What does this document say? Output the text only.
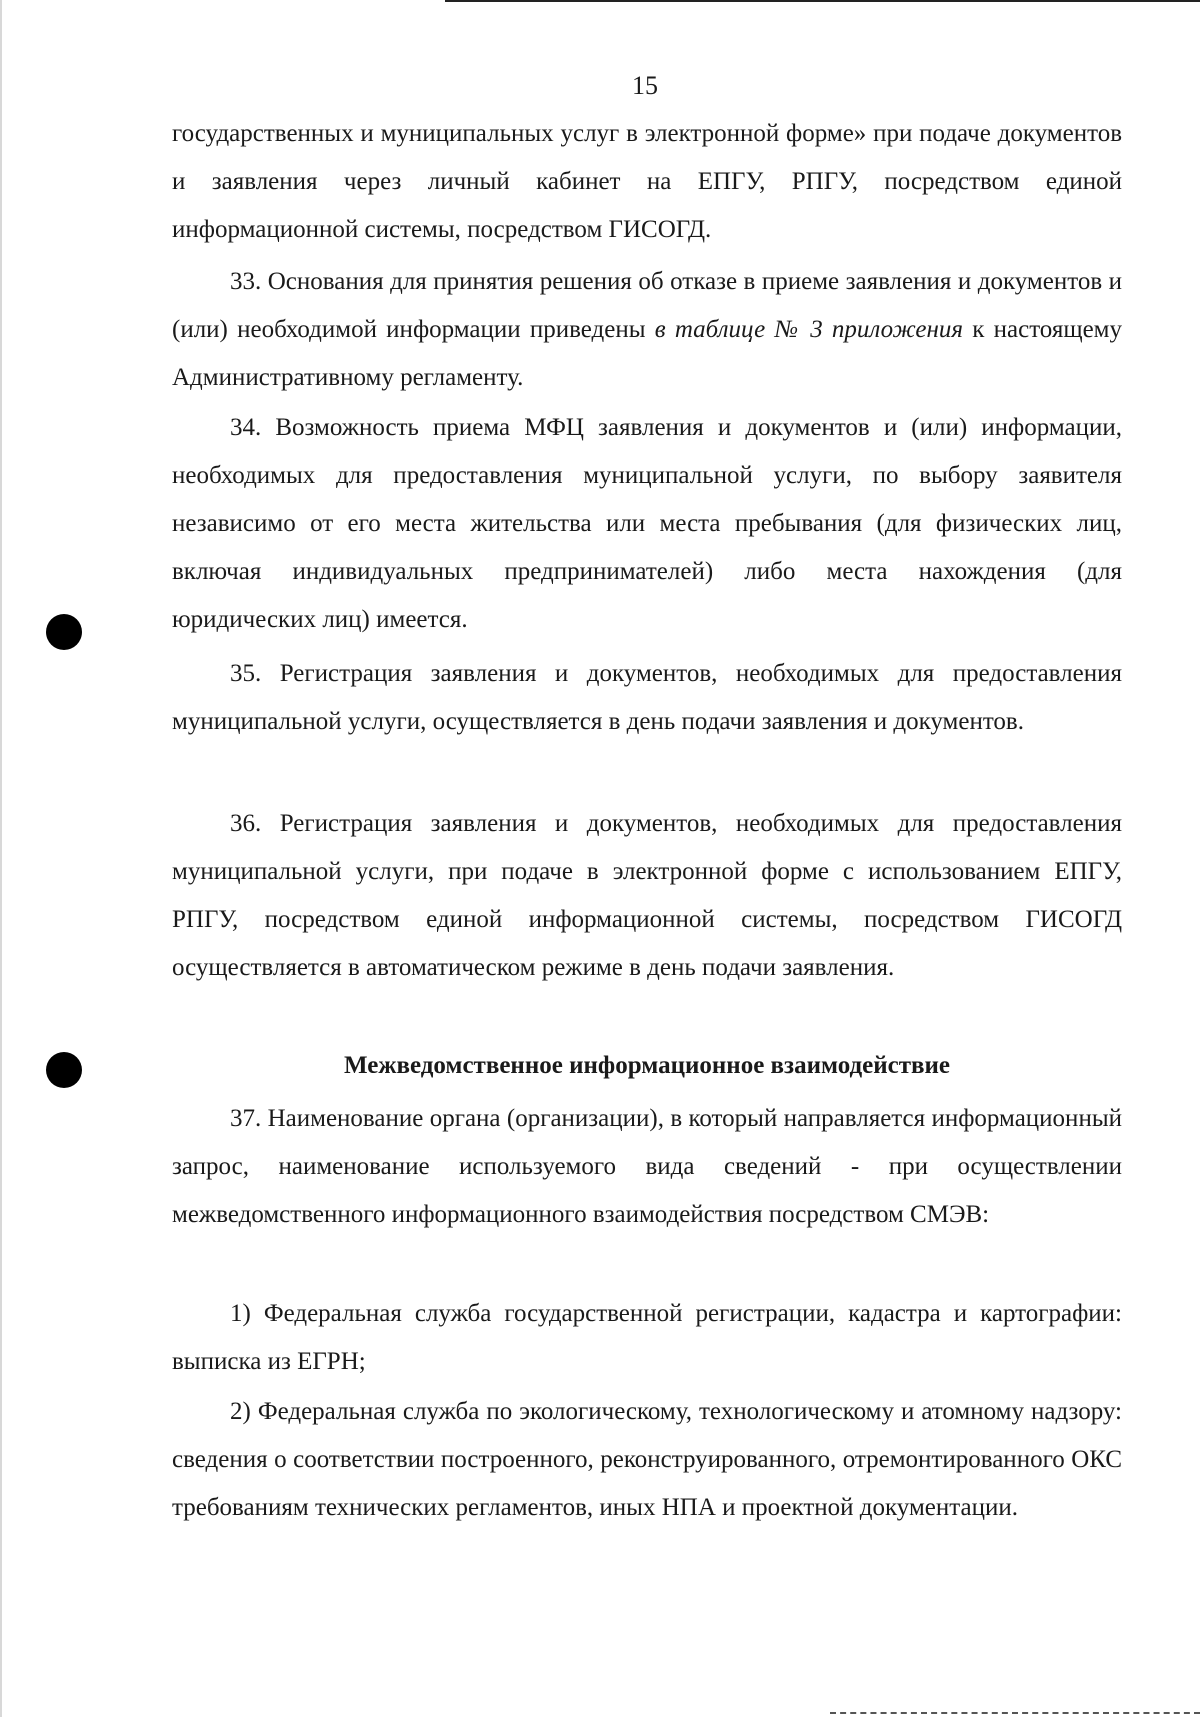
15

государственных и муниципальных услуг в электронной форме» при подаче документов и заявления через личный кабинет на ЕПГУ, РПГУ, посредством единой информационной системы, посредством ГИСОГД.

33. Основания для принятия решения об отказе в приеме заявления и документов и (или) необходимой информации приведены в таблице № 3 приложения к настоящему Административному регламенту.

34. Возможность приема МФЦ заявления и документов и (или) информации, необходимых для предоставления муниципальной услуги, по выбору заявителя независимо от его места жительства или места пребывания (для физических лиц, включая индивидуальных предпринимателей) либо места нахождения (для юридических лиц) имеется.

35. Регистрация заявления и документов, необходимых для предоставления муниципальной услуги, осуществляется в день подачи заявления и документов.

36. Регистрация заявления и документов, необходимых для предоставления муниципальной услуги, при подаче в электронной форме с использованием ЕПГУ, РПГУ, посредством единой информационной системы, посредством ГИСОГД осуществляется в автоматическом режиме в день подачи заявления.

Межведомственное информационное взаимодействие

37. Наименование органа (организации), в который направляется информационный запрос, наименование используемого вида сведений - при осуществлении межведомственного информационного взаимодействия посредством СМЭВ:

1) Федеральная служба государственной регистрации, кадастра и картографии: выписка из ЕГРН;

2) Федеральная служба по экологическому, технологическому и атомному надзору: сведения о соответствии построенного, реконструированного, отремонтированного ОКС требованиям технических регламентов, иных НПА и проектной документации.
